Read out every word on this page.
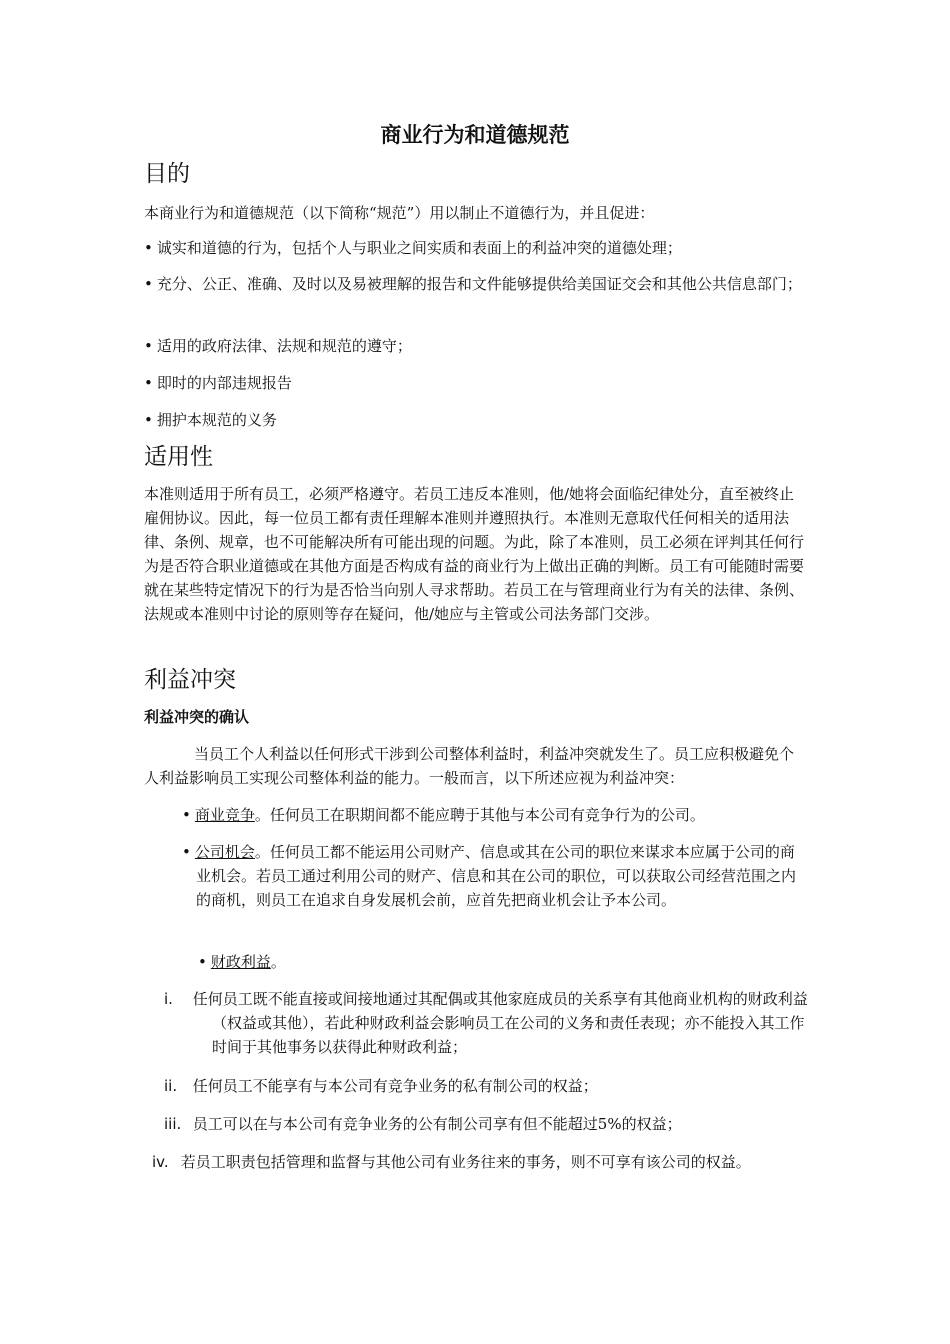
商业行为和道德规范
目的
本商业行为和道德规范（以下简称“规范”）用以制止不道德行为，并且促进：
• 诚实和道德的行为，包括个人与职业之间实质和表面上的利益冲突的道德处理；
• 充分、公正、准确、及时以及易被理解的报告和文件能够提供给美国证交会和其他公共信息部门；
• 适用的政府法律、法规和规范的遵守；
• 即时的内部违规报告
• 拥护本规范的义务
适用性
本准则适用于所有员工，必须严格遵守。若员工违反本准则，他/她将会面临纪律处分，直至被终止雇佣协议。因此，每一位员工都有责任理解本准则并遵照执行。本准则无意取代任何相关的适用法律、条例、规章，也不可能解决所有可能出现的问题。为此，除了本准则，员工必须在评判其任何行为是否符合职业道德或在其他方面是否构成有益的商业行为上做出正确的判断。员工有可能随时需要就在某些特定情况下的行为是否恰当向别人寻求帮助。若员工在与管理商业行为有关的法律、条例、法规或本准则中讨论的原则等存在疑问，他/她应与主管或公司法务部门交涉。
利益冲突
利益冲突的确认
当员工个人利益以任何形式干涉到公司整体利益时，利益冲突就发生了。员工应积极避免个人利益影响员工实现公司整体利益的能力。一般而言，以下所述应视为利益冲突：
• 商业竞争。任何员工在职期间都不能应聘于其他与本公司有竞争行为的公司。
• 公司机会。任何员工都不能运用公司财产、信息或其在公司的职位来谋求本应属于公司的商业机会。若员工通过利用公司的财产、信息和其在公司的职位，可以获取公司经营范围之内的商机，则员工在追求自身发展机会前，应首先把商业机会让予本公司。
• 财政利益。
i. 任何员工既不能直接或间接地通过其配偶或其他家庭成员的关系享有其他商业机构的财政利益（权益或其他），若此种财政利益会影响员工在公司的义务和责任表现；亦不能投入其工作时间于其他事务以获得此种财政利益；
ii. 任何员工不能享有与本公司有竞争业务的私有制公司的权益；
iii. 员工可以在与本公司有竞争业务的公有制公司享有但不能超过5%的权益；
iv. 若员工职责包括管理和监督与其他公司有业务往来的事务，则不可享有该公司的权益。
